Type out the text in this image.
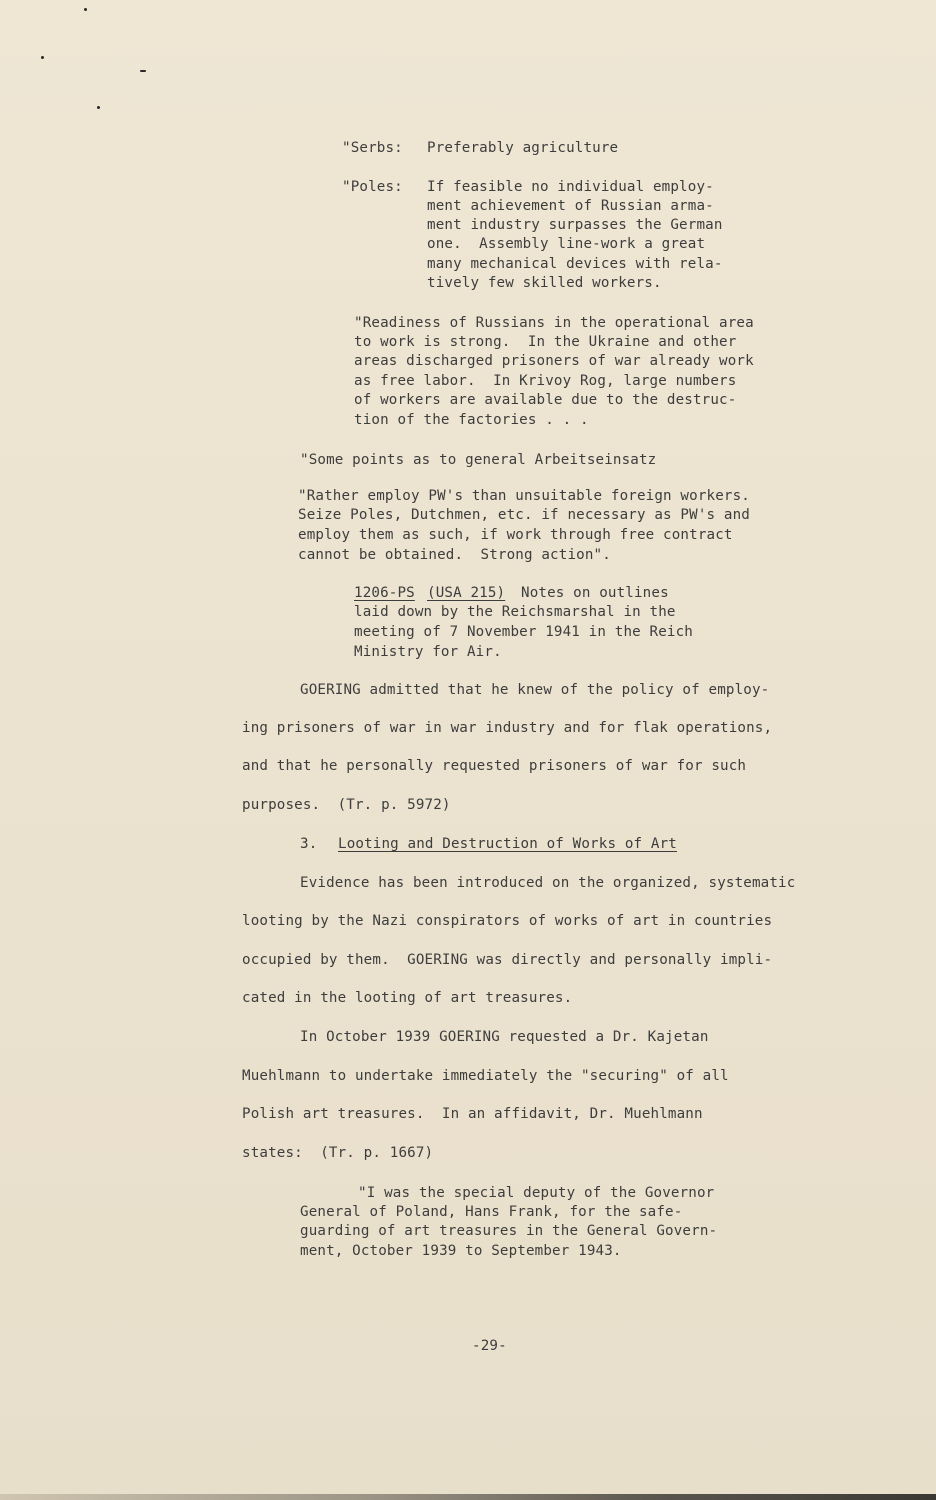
"Serbs: Preferably agriculture
"Poles: If feasible no individual employ-
ment achievement of Russian arma-
ment industry surpasses the German
one.  Assembly line-work a great
many mechanical devices with rela-
tively few skilled workers.
"Readiness of Russians in the operational area
to work is strong.  In the Ukraine and other
areas discharged prisoners of war already work
as free labor.  In Krivoy Rog, large numbers
of workers are available due to the destruc-
tion of the factories . . .
"Some points as to general Arbeitseinsatz
"Rather employ PW's than unsuitable foreign workers.
Seize Poles, Dutchmen, etc. if necessary as PW's and
employ them as such, if work through free contract
cannot be obtained.  Strong action".
1206-PS (USA 215) Notes on outlines
laid down by the Reichsmarshal in the
meeting of 7 November 1941 in the Reich
Ministry for Air.
GOERING admitted that he knew of the policy of employ-
ing prisoners of war in war industry and for flak operations,
and that he personally requested prisoners of war for such
purposes.  (Tr. p. 5972)
3. Looting and Destruction of Works of Art
Evidence has been introduced on the organized, systematic
looting by the Nazi conspirators of works of art in countries
occupied by them.  GOERING was directly and personally impli-
cated in the looting of art treasures.
In October 1939 GOERING requested a Dr. Kajetan
Muehlmann to undertake immediately the "securing" of all
Polish art treasures.  In an affidavit, Dr. Muehlmann
states:  (Tr. p. 1667)
"I was the special deputy of the Governor
General of Poland, Hans Frank, for the safe-
guarding of art treasures in the General Govern-
ment, October 1939 to September 1943.
-29-
